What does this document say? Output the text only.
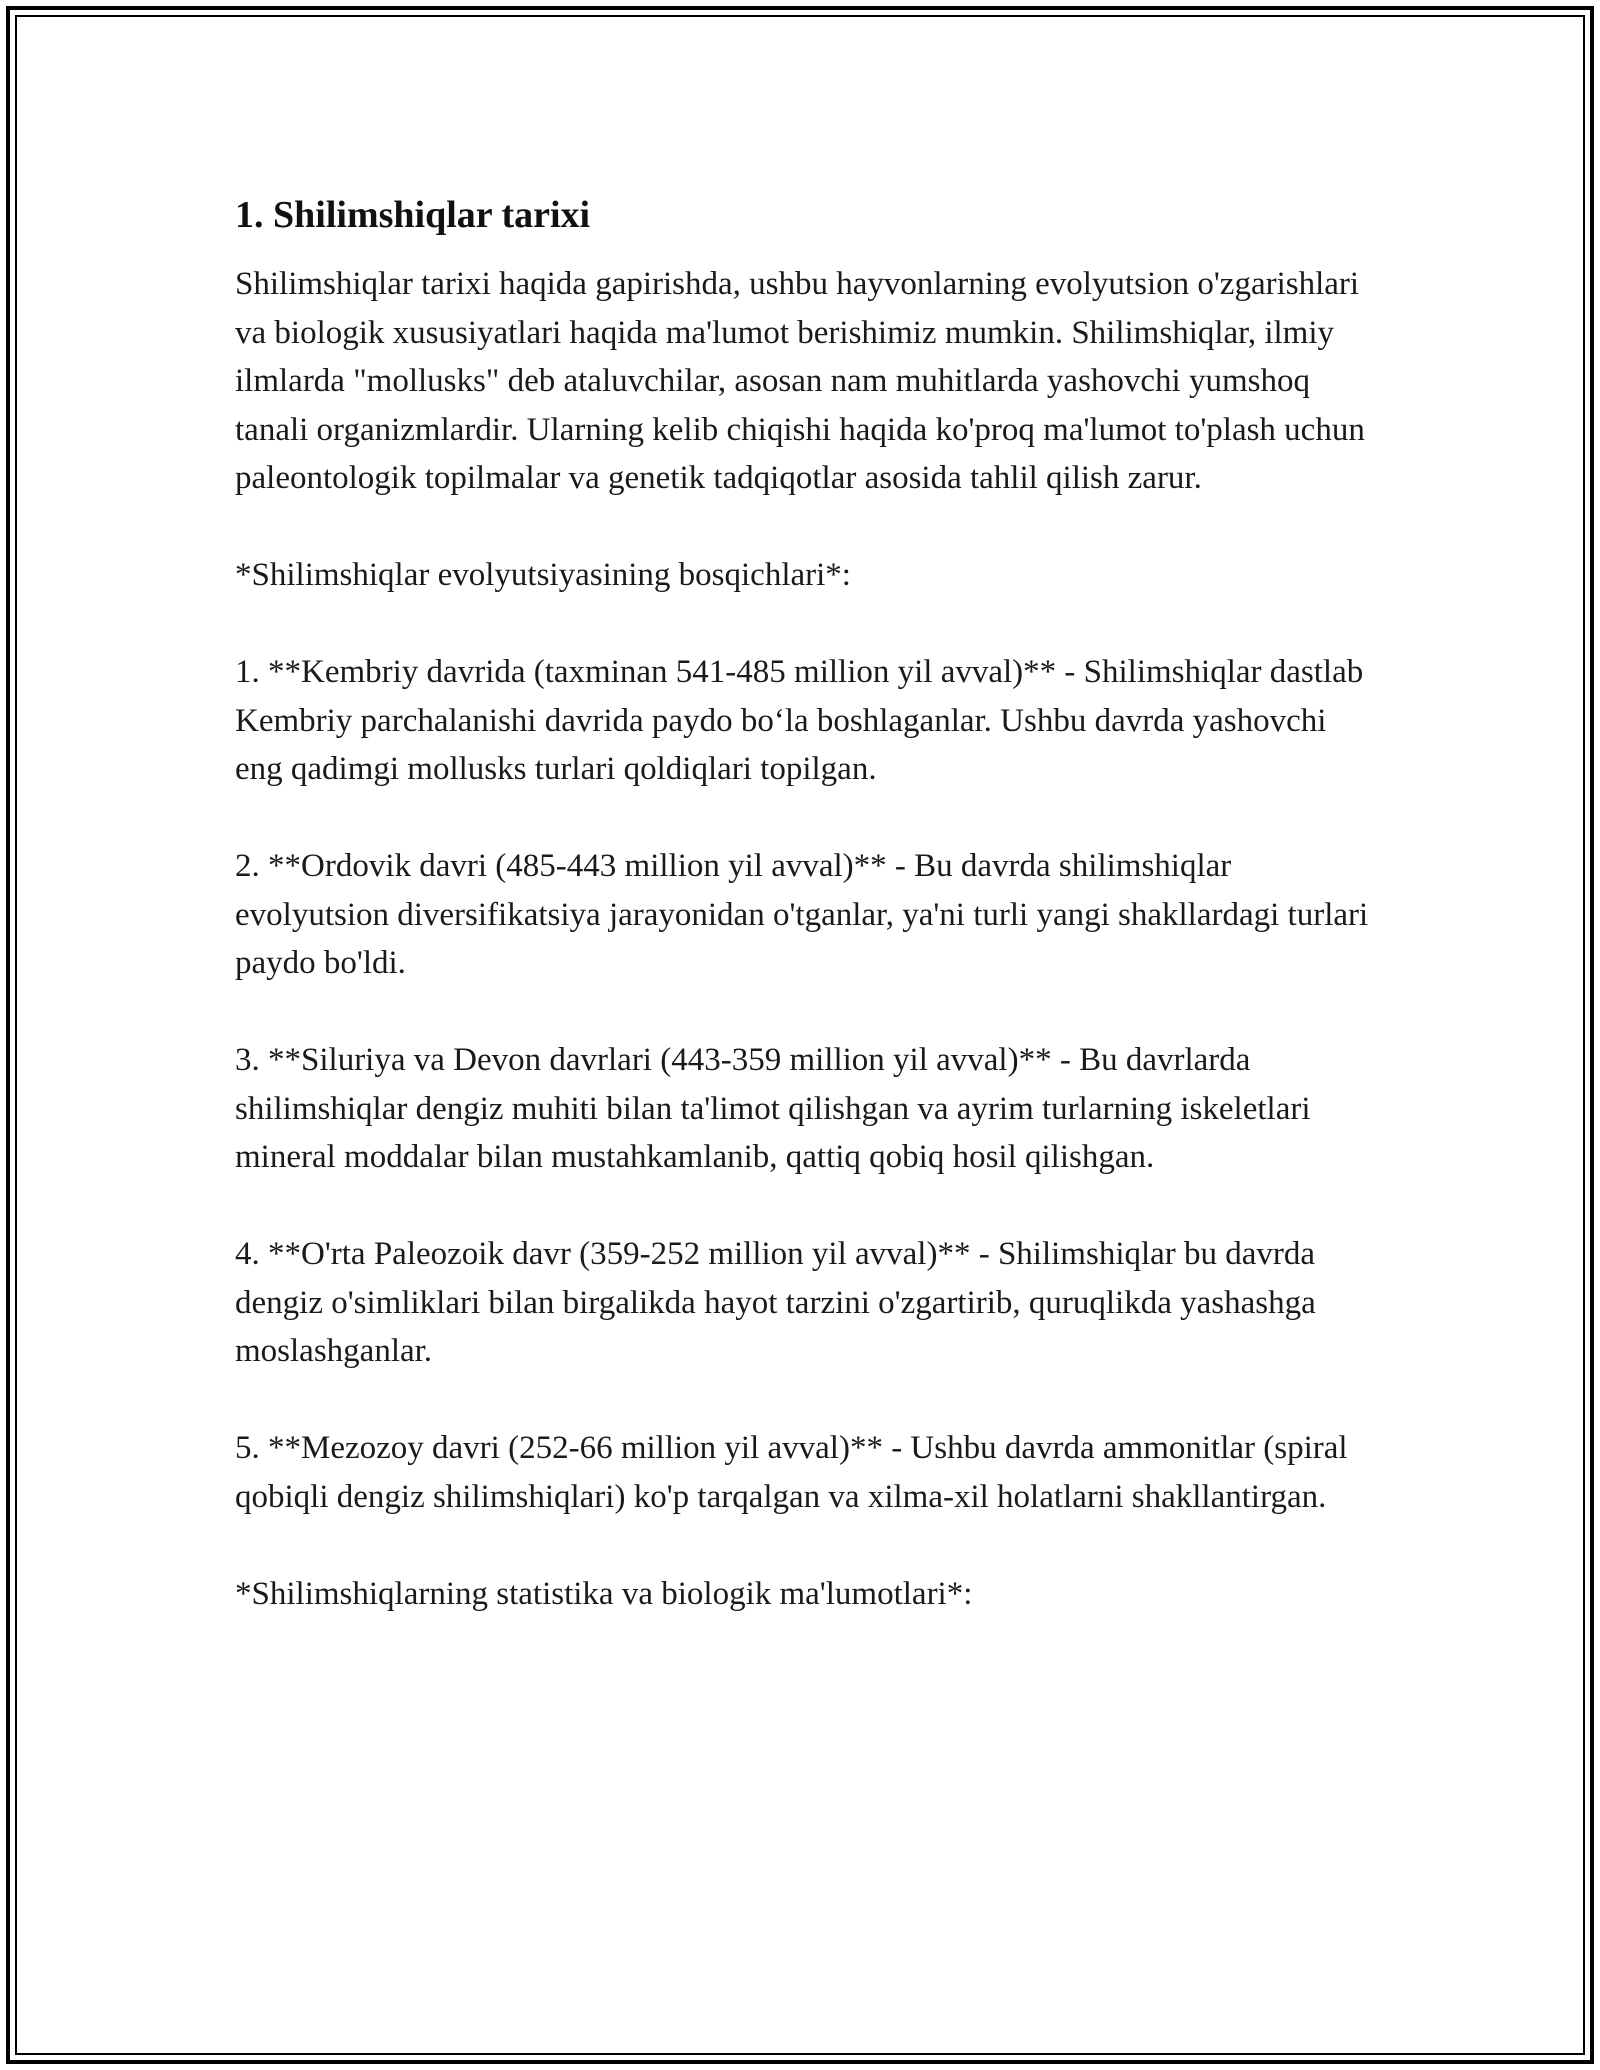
1. Shilimshiqlar tarixi

Shilimshiqlar tarixi haqida gapirishda, ushbu hayvonlarning evolyutsion o'zgarishlari va biologik xususiyatlari haqida ma'lumot berishimiz mumkin. Shilimshiqlar, ilmiy ilmlarda "mollusks" deb ataluvchilar, asosan nam muhitlarda yashovchi yumshoq tanali organizmlardir. Ularning kelib chiqishi haqida ko'proq ma'lumot to'plash uchun paleontologik topilmalar va genetik tadqiqotlar asosida tahlil qilish zarur.

*Shilimshiqlar evolyutsiyasining bosqichlari*:

1. **Kembriy davrida (taxminan 541-485 million yil avval)** - Shilimshiqlar dastlab Kembriy parchalanishi davrida paydo boʻla boshlaganlar. Ushbu davrda yashovchi eng qadimgi mollusks turlari qoldiqlari topilgan.

2. **Ordovik davri (485-443 million yil avval)** - Bu davrda shilimshiqlar evolyutsion diversifikatsiya jarayonidan o'tganlar, ya'ni turli yangi shakllardagi turlari paydo bo'ldi.

3. **Siluriya va Devon davrlari (443-359 million yil avval)** - Bu davrlarda shilimshiqlar dengiz muhiti bilan ta'limot qilishgan va ayrim turlarning iskeletlari mineral moddalar bilan mustahkamlanib, qattiq qobiq hosil qilishgan.

4. **O'rta Paleozoik davr (359-252 million yil avval)** - Shilimshiqlar bu davrda dengiz o'simliklari bilan birgalikda hayot tarzini o'zgartirib, quruqlikda yashashga moslashganlar.

5. **Mezozoy davri (252-66 million yil avval)** - Ushbu davrda ammonitlar (spiral qobiqli dengiz shilimshiqlari) ko'p tarqalgan va xilma-xil holatlarni shakllantirgan.

*Shilimshiqlarning statistika va biologik ma'lumotlari*:
